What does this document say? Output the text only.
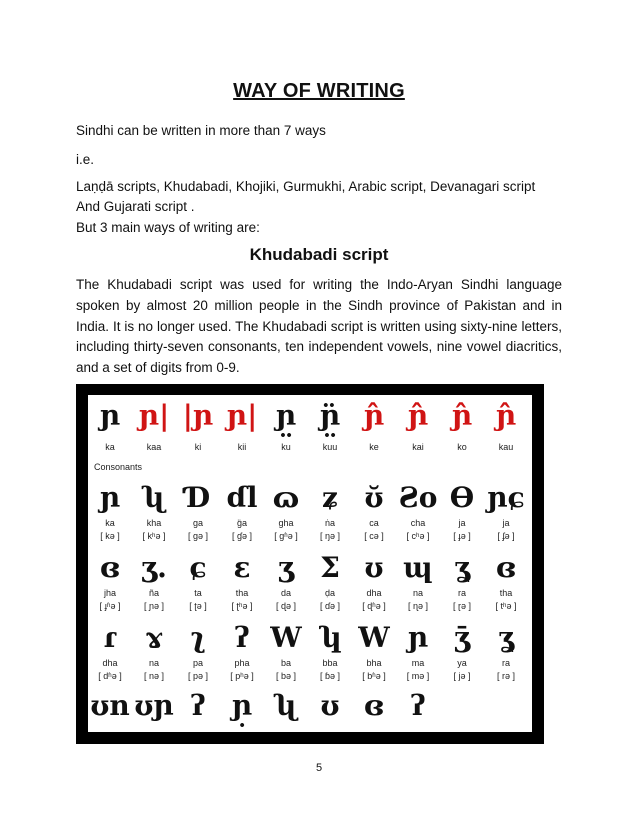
WAY OF WRITING

Sindhi can be written in more than 7 ways

i.e.

Laṇḍā scripts, Khudabadi, Khojiki, Gurmukhi, Arabic script, Devanagari script And Gujarati script .

But 3 main ways of writing are:

Khudabadi script

The Khudabadi script was used for writing the Indo-Aryan Sindhi language spoken by almost 20 million people in the Sindh province of Pakistan and in India. It is no longer used. The Khudabadi script is written using sixty-nine letters, including thirty-seven consonants, ten independent vowels, nine vowel diacritics, and a set of digits from 0-9.

Consonants
ɲ ɲ| |ɲ ɲ| ɲ̤ ɲ̤̈ ɲ̂ ɲ̂ ɲ̂ ɲ̂
ka	kaa	ki	kii	ku	kuu	ke	kai	ko	kau
ɲ ʯ Ɗ ɗl ɷ ʑ ʊ̆ Ƨo Ɵ ɲɕ
ka	kha	ga	g̈a	gha	ṅa	ca	cha	ja	ja
[ kə ]	[ kʰə ]	[ gə ]	[ ɠə ]	[ gʱə ]	[ ŋə ]	[ cə ]	[ cʰə ]	[ ɟə ]	[ ʄə ]
ɞ ʒ. ɕ ɛ ʒ Σ ʊ ɰ ʓ ɞ
jha	ña	ta	tha	da	ḍa	dha	na	ra	tha
[ ɟʱə ]	[ ɲə ]	[ ʈə ]	[ ʈʰə ]	[ ɖə ]	[ ɗə ]	[ ɖʱə ]	[ ɳə ]	[ ɽə ]	[ tʰə ]
ɾ	ɤ ʅ	ʔ W ʮ W ɲ ʒ̄	ʓ
dha	na	pa	pha	ba	bba	bha	ma	ya	ra
[ dʱə ]	[ nə ]	[ pə ]	[ pʰə ]	[ bə ]	[ ɓə ]	[ bʱə ]	[ mə ]	[ jə ]	[ rə ]
ʊn ʊɲ ʔ ɲ̣ ʯ ʊ ɞ ʔ
5
